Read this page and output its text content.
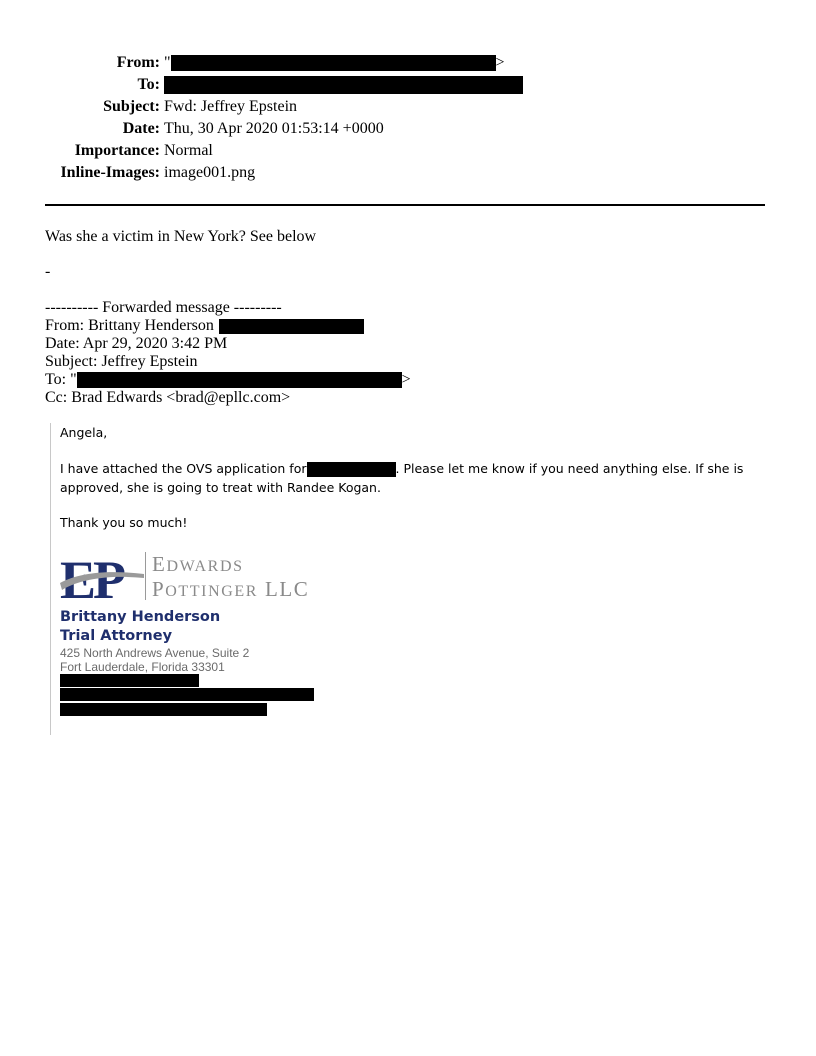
From: "	>
To:
Subject: Fwd: Jeffrey Epstein
Date: Thu, 30 Apr 2020 01:53:14 +0000
Importance: Normal
Inline-Images: image001.png
Was she a victim in New York? See below
-
---------- Forwarded message ---------
From: Brittany Henderson
Date: Apr 29, 2020 3:42 PM
Subject: Jeffrey Epstein
To: "	>
Cc: Brad Edwards <brad@epllc.com>
Angela,
I have attached the OVS application for	. Please let me know if you need anything else. If she is
approved, she is going to treat with Randee Kogan.
Thank you so much!
EP EDWARDS
POTTINGER LLC
Brittany Henderson
Trial Attorney
425 North Andrews Avenue, Suite 2
Fort Lauderdale, Florida 33301
